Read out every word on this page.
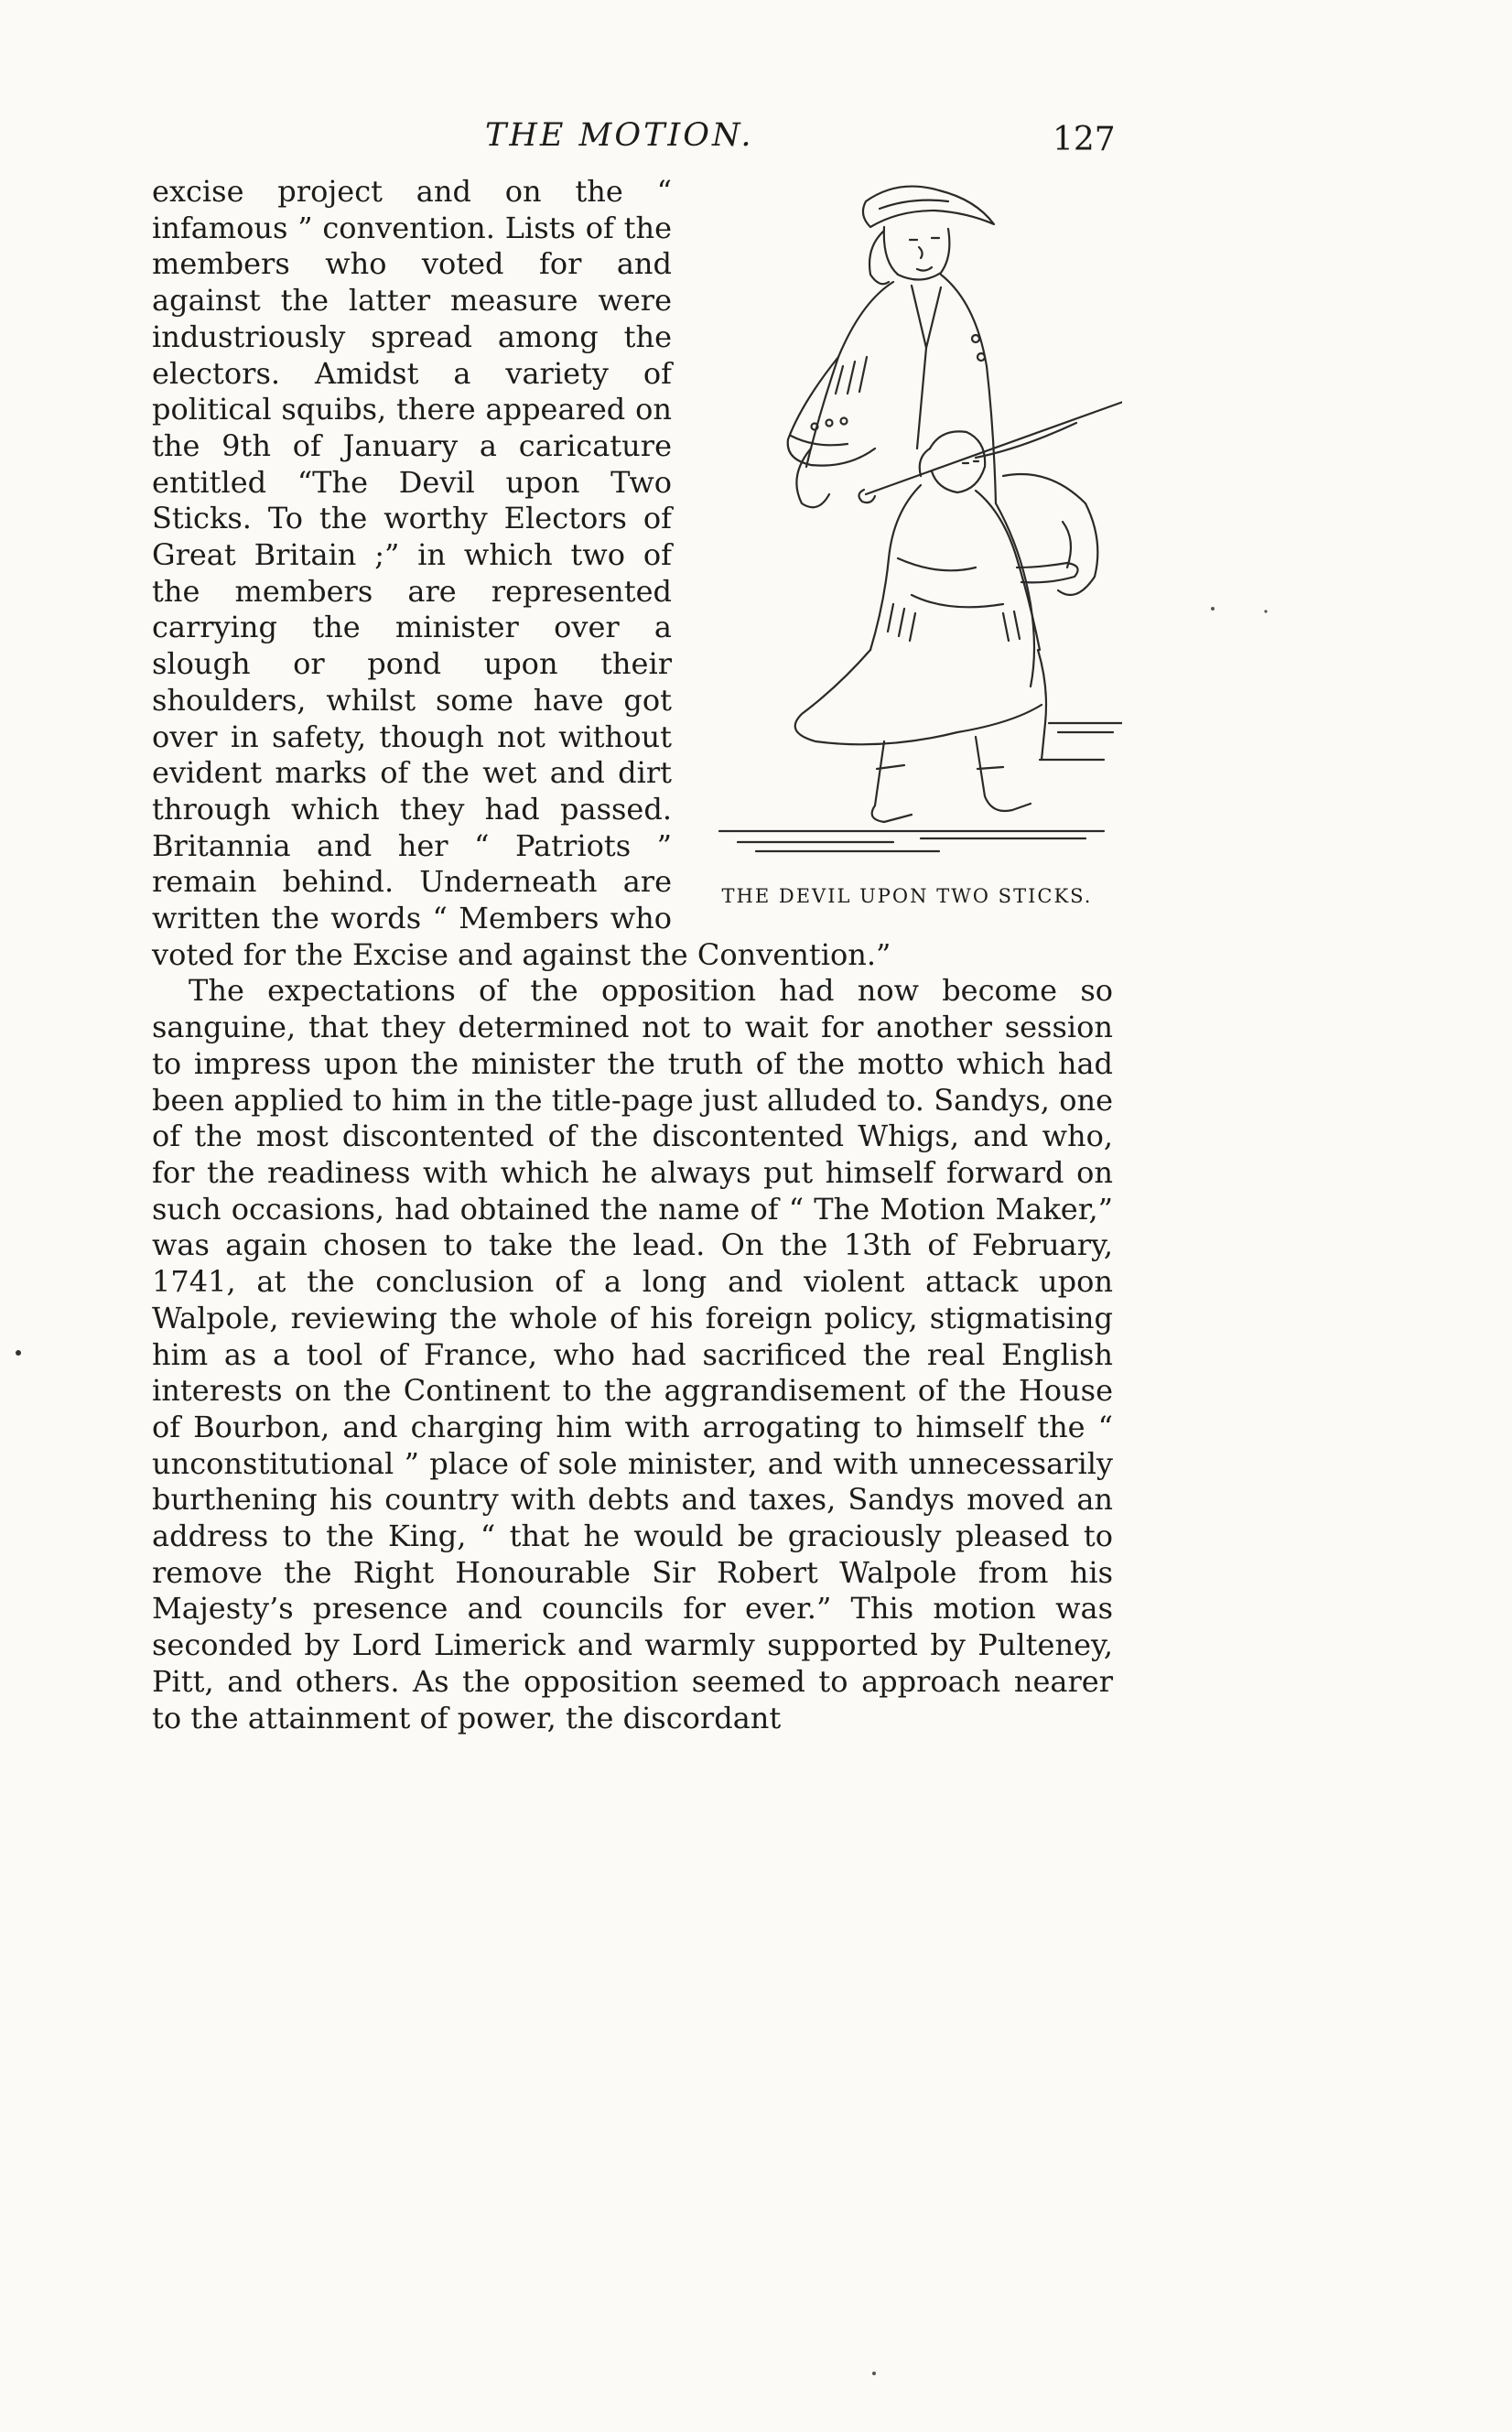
THE MOTION.	127
THE DEVIL UPON TWO STICKS.

excise project and on the “ infamous ” convention. Lists of the members who voted for and against the latter measure were industriously spread among the electors. Amidst a variety of political squibs, there appeared on the 9th of January a caricature entitled “The Devil upon Two Sticks. To the worthy Electors of Great Britain ;” in which two of the members are represented carrying the minister over a slough or pond upon their shoulders, whilst some have got over in safety, though not without evident marks of the wet and dirt through which they had passed. Britannia and her “ Patriots ” remain behind. Underneath are written the words “ Members who voted for the Excise and against the Convention.”

The expectations of the opposition had now become so sanguine, that they determined not to wait for another session to impress upon the minister the truth of the motto which had been applied to him in the title-page just alluded to. Sandys, one of the most discontented of the discontented Whigs, and who, for the readiness with which he always put himself forward on such occasions, had obtained the name of “ The Motion Maker,” was again chosen to take the lead. On the 13th of February, 1741, at the conclusion of a long and violent attack upon Walpole, reviewing the whole of his foreign policy, stigmatising him as a tool of France, who had sacrificed the real English interests on the Continent to the aggrandisement of the House of Bourbon, and charging him with arrogating to himself the “ unconstitutional ” place of sole minister, and with unnecessarily burthening his country with debts and taxes, Sandys moved an address to the King, “ that he would be graciously pleased to remove the Right Honourable Sir Robert Walpole from his Majesty’s presence and councils for ever.” This motion was seconded by Lord Limerick and warmly supported by Pulteney, Pitt, and others. As the opposition seemed to approach nearer to the attainment of power, the discordant
